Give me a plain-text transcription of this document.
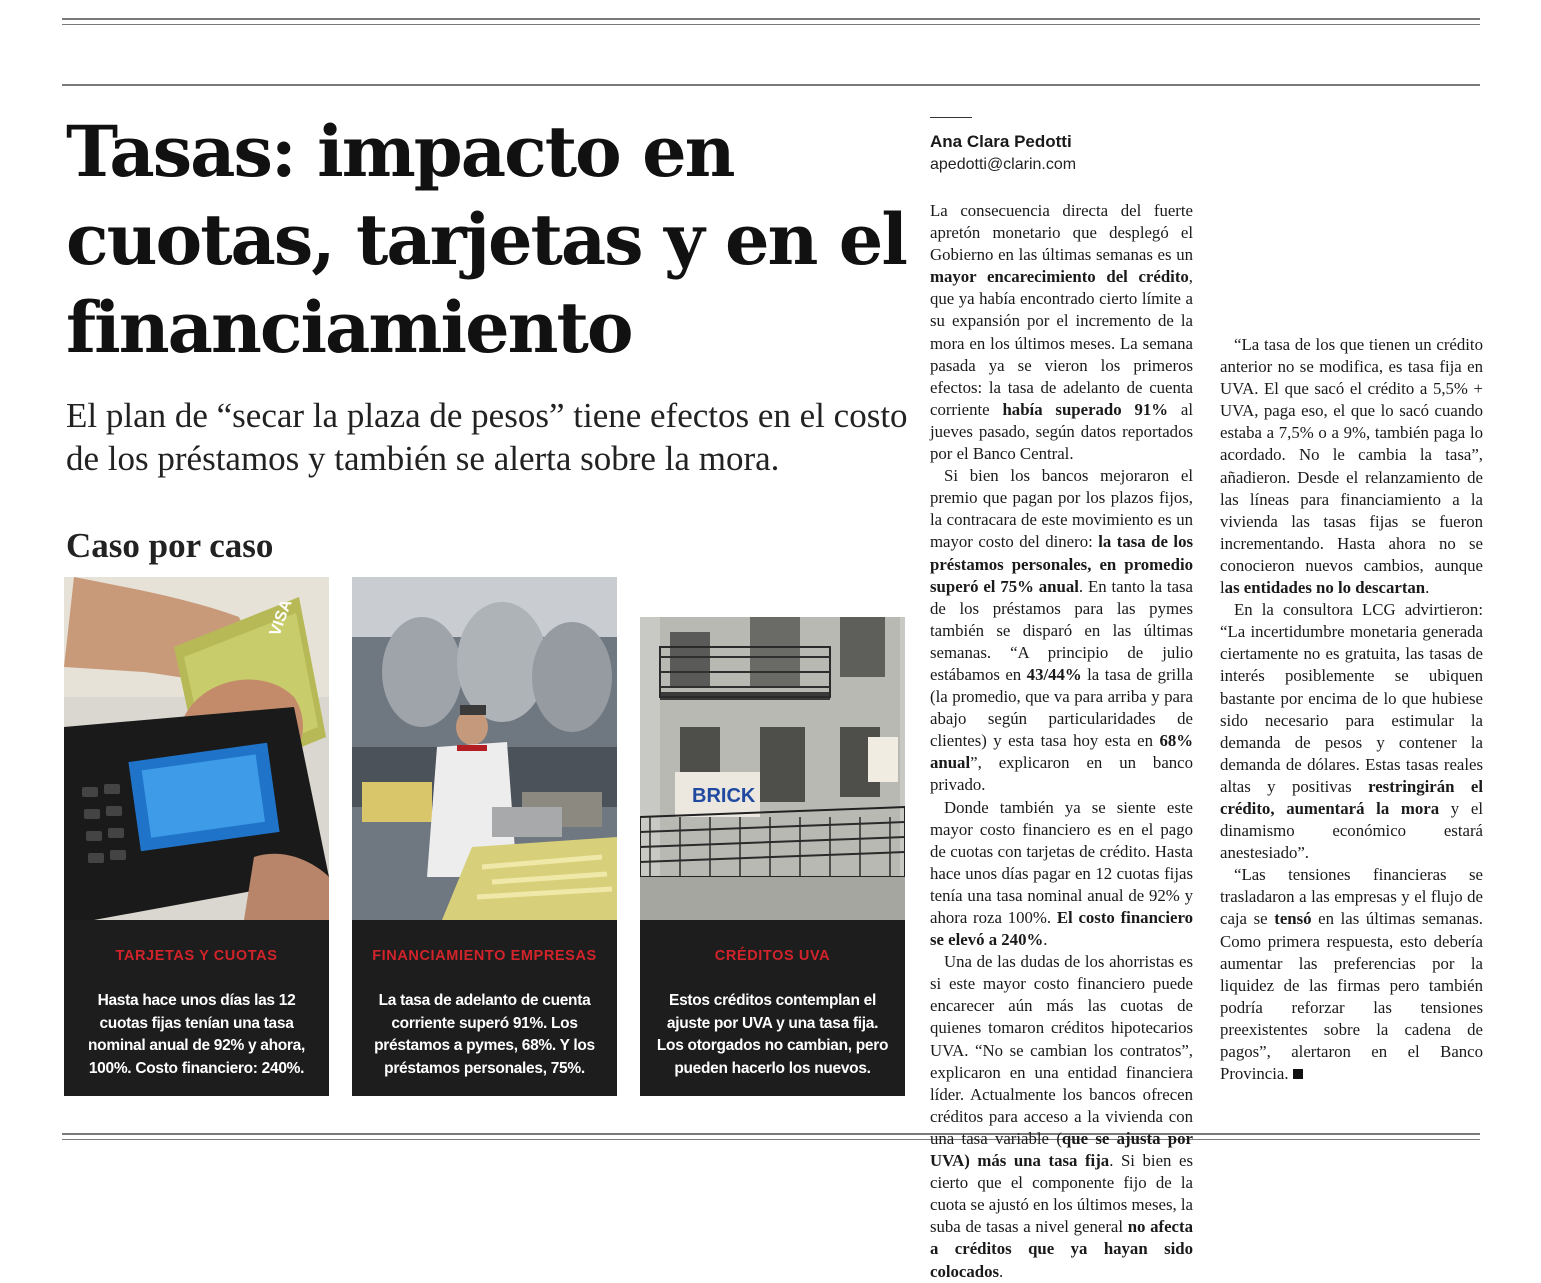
Tasas: impacto en cuotas, tarjetas y en el financiamiento

El plan de “secar la plaza de pesos” tiene efectos en el costo de los préstamos y también se alerta sobre la mora.

Caso por caso
VISA

TARJETAS Y CUOTAS

Hasta hace unos días las 12 cuotas fijas tenían una tasa nominal anual de 92% y ahora, 100%. Costo financiero: 240%.

FINANCIAMIENTO EMPRESAS

La tasa de adelanto de cuenta corriente superó 91%. Los préstamos a pymes, 68%. Y los préstamos personales, 75%.

BRICK

CRÉDITOS UVA

Estos créditos contemplan el ajuste por UVA y una tasa fija. Los otorgados no cambian, pero pueden hacerlo los nuevos.

Ana Clara Pedotti

apedotti@clarin.com

La consecuencia directa del fuerte apretón monetario que desplegó el Gobierno en las últimas semanas es un mayor encarecimiento del crédito, que ya había encontrado cierto límite a su expansión por el incremento de la mora en los últimos meses. La semana pasada ya se vieron los primeros efectos: la tasa de adelanto de cuenta corriente había superado 91% al jueves pasado, según datos reportados por el Banco Central.

Si bien los bancos mejoraron el premio que pagan por los plazos fijos, la contracara de este movimiento es un mayor costo del dinero: la tasa de los préstamos personales, en promedio superó el 75% anual. En tanto la tasa de los préstamos para las pymes también se disparó en las últimas semanas. “A principio de julio estábamos en 43/44% la tasa de grilla (la promedio, que va para arriba y para abajo según particularidades de clientes) y esta tasa hoy esta en 68% anual”, explicaron en un banco privado.

Donde también ya se siente este mayor costo financiero es en el pago de cuotas con tarjetas de crédito. Hasta hace unos días pagar en 12 cuotas fijas tenía una tasa nominal anual de 92% y ahora roza 100%. El costo financiero se elevó a 240%.

Una de las dudas de los ahorristas es si este mayor costo financiero puede encarecer aún más las cuotas de quienes tomaron créditos hipotecarios UVA. “No se cambian los contratos”, explicaron en una entidad financiera líder. Actualmente los bancos ofrecen créditos para acceso a la vivienda con una tasa variable (que se ajusta por UVA) más una tasa fija. Si bien es cierto que el componente fijo de la cuota se ajustó en los últimos meses, la suba de tasas a nivel general no afecta a créditos que ya hayan sido colocados.

“La tasa de los que tienen un crédito anterior no se modifica, es tasa fija en UVA. El que sacó el crédito a 5,5% + UVA, paga eso, el que lo sacó cuando estaba a 7,5% o a 9%, también paga lo acordado. No le cambia la tasa”, añadieron. Desde el relanzamiento de las líneas para financiamiento a la vivienda las tasas fijas se fueron incrementando. Hasta ahora no se conocieron nuevos cambios, aunque las entidades no lo descartan.

En la consultora LCG advirtieron: “La incertidumbre monetaria generada ciertamente no es gratuita, las tasas de interés posiblemente se ubiquen bastante por encima de lo que hubiese sido necesario para estimular la demanda de pesos y contener la demanda de dólares. Estas tasas reales altas y positivas restringirán el crédito, aumentará la mora y el dinamismo económico estará anestesiado”.

“Las tensiones financieras se trasladaron a las empresas y el flujo de caja se tensó en las últimas semanas. Como primera respuesta, esto debería aumentar las preferencias por la liquidez de las firmas pero también podría reforzar las tensiones preexistentes sobre la cadena de pagos”, alertaron en el Banco Provincia.
